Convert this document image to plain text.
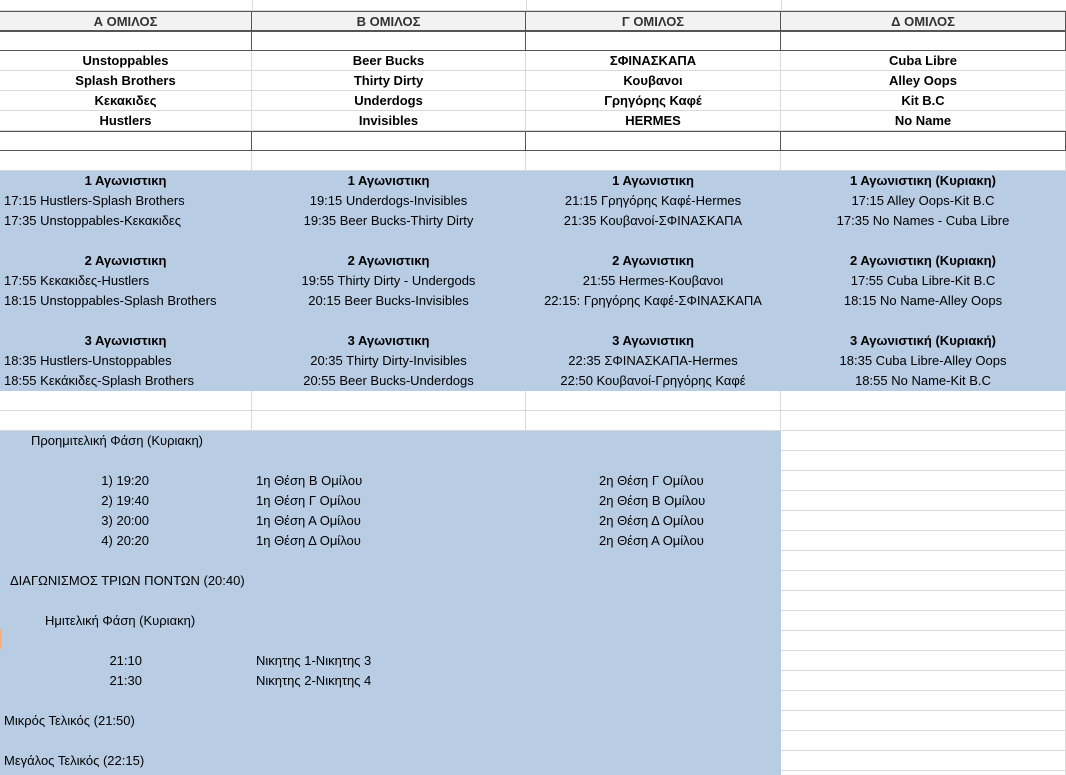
Α ΟΜΙΛΟΣ	Β ΟΜΙΛΟΣ	Γ ΟΜΙΛΟΣ	Δ ΟΜΙΛΟΣ
Unstoppables	Beer Bucks	ΣΦΙΝΑΣΚΑΠΑ	Cuba Libre
Splash Brothers	Thirty Dirty	Κουβανοι	Alley Oops
Κεκακιδες	Underdogs	Γρηγόρης Καφέ	Kit B.C
Hustlers	Invisibles	HERMES	No Name
1 Αγωνιστικη	1 Αγωνιστικη	1 Αγωνιστικη	1 Αγωνιστικη (Κυριακη)
17:15 Hustlers-Splash Brothers	19:15 Underdogs-Invisibles	21:15 Γρηγόρης Καφέ-Hermes	17:15 Alley Oops-Kit B.C
17:35 Unstoppables-Κεκακιδες	19:35 Beer Bucks-Thirty Dirty	21:35 Κουβανοί-ΣΦΙΝΑΣΚΑΠΑ	17:35 No Names - Cuba Libre
2 Αγωνιστικη	2 Αγωνιστικη	2 Αγωνιστικη	2 Αγωνιστικη (Κυριακη)
17:55 Κεκακιδες-Hustlers	19:55 Thirty Dirty - Undergods	21:55 Hermes-Κουβανοι	17:55 Cuba Libre-Kit B.C
18:15 Unstoppables-Splash Brothers	20:15 Beer Bucks-Invisibles	22:15: Γρηγόρης Καφέ-ΣΦΙΝΑΣΚΑΠΑ	18:15 No Name-Alley Oops
3 Αγωνιστικη	3 Αγωνιστικη	3 Αγωνιστικη	3 Αγωνιστική (Κυριακή)
18:35 Hustlers-Unstoppables	20:35 Thirty Dirty-Invisibles	22:35 ΣΦΙΝΑΣΚΑΠΑ-Hermes	18:35 Cuba Libre-Alley Oops
18:55 Κεκάκιδες-Splash Brothers	20:55 Beer Bucks-Underdogs	22:50 Κουβανοί-Γρηγόρης Καφέ	18:55 No Name-Kit B.C
Προημιτελική Φάση (Κυριακη)
1) 19:20	1η Θέση Β Ομίλου	2η Θέση Γ Ομίλου
2) 19:40	1η Θέση Γ Ομίλου	2η Θέση Β Ομίλου
3) 20:00	1η Θέση Α Ομίλου	2η Θέση Δ Ομίλου
4) 20:20	1η Θέση Δ Ομίλου	2η Θέση Α Ομίλου
ΔΙΑΓΩΝΙΣΜΟΣ ΤΡΙΩΝ ΠΟΝΤΩΝ (20:40)
Ημιτελική Φάση (Κυριακη)
21:10	Νικητης 1-Νικητης 3
21:30	Νικητης 2-Νικητης 4
Μικρός Τελικός (21:50)
Μεγάλος Τελικός (22:15)
